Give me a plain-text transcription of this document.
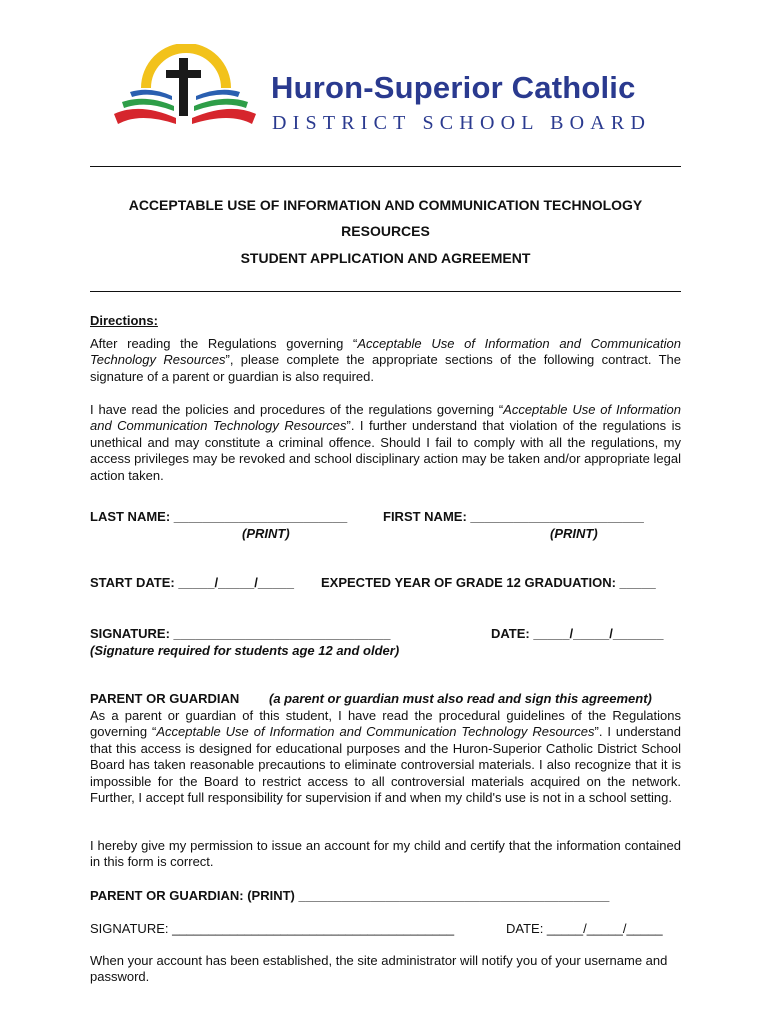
Huron-Superior Catholic
DISTRICT SCHOOL BOARD
ACCEPTABLE USE OF INFORMATION AND COMMUNICATION TECHNOLOGY
RESOURCES
STUDENT APPLICATION AND AGREEMENT
Directions:
After reading the Regulations governing “Acceptable Use of Information and Communication Technology Resources”, please complete the appropriate sections of the following contract. The signature of a parent or guardian is also required.
I have read the policies and procedures of the regulations governing “Acceptable Use of Information and Communication Technology Resources”. I further understand that violation of the regulations is unethical and may constitute a criminal offence. Should I fail to comply with all the regulations, my access privileges may be revoked and school disciplinary action may be taken and/or appropriate legal action taken.
LAST NAME: ________________________	FIRST NAME: ________________________
(PRINT)	(PRINT)
START DATE: _____/_____/_____ EXPECTED YEAR OF GRADE 12 GRADUATION: _____
SIGNATURE: ______________________________	DATE: _____/_____/_______
(Signature required for students age 12 and older)
PARENT OR GUARDIAN (a parent or guardian must also read and sign this agreement)
As a parent or guardian of this student, I have read the procedural guidelines of the Regulations governing “Acceptable Use of Information and Communication Technology Resources”. I understand that this access is designed for educational purposes and the Huron-Superior Catholic District School Board has taken reasonable precautions to eliminate controversial materials. I also recognize that it is impossible for the Board to restrict access to all controversial materials acquired on the network. Further, I accept full responsibility for supervision if and when my child's use is not in a school setting.
I hereby give my permission to issue an account for my child and certify that the information contained in this form is correct.
PARENT OR GUARDIAN: (PRINT) ___________________________________________
SIGNATURE: _______________________________________	DATE: _____/_____/_____
When your account has been established, the site administrator will notify you of your username and password.
